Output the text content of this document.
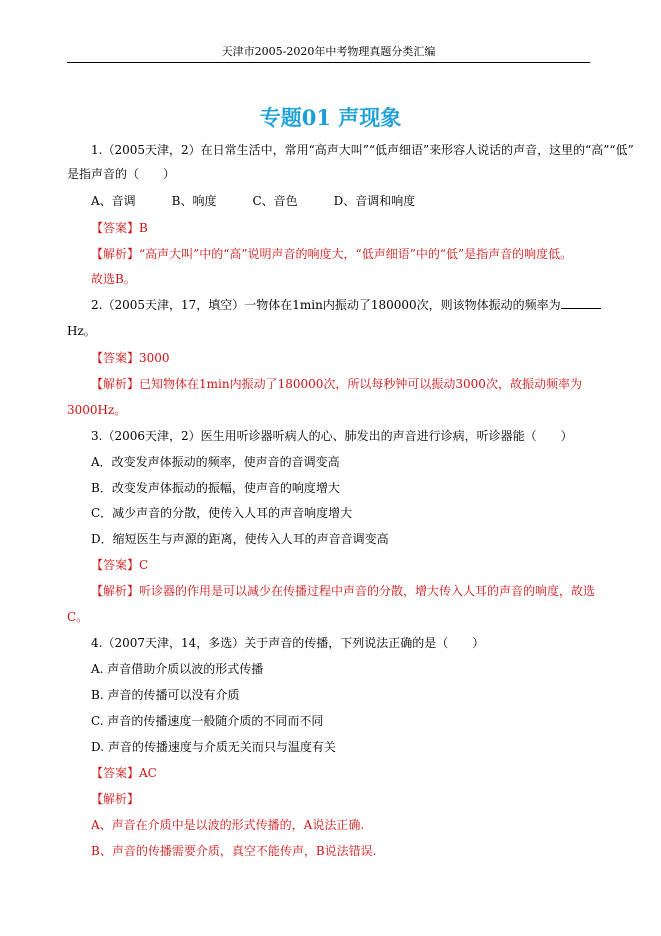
天津市2005-2020年中考物理真题分类汇编
专题01 声现象
1.（2005天津，2）在日常生活中，常用“高声大叫”“低声细语”来形容人说话的声音，这里的“高”“低”
是指声音的（　　）
A、音调　　　B、响度　　　C、音色　　　D、音调和响度
【答案】B
【解析】“高声大叫”中的“高”说明声音的响度大，“低声细语”中的“低”是指声音的响度低。
故选B。
2.（2005天津，17，填空）一物体在1min内振动了180000次，则该物体振动的频率为
Hz。
【答案】3000
【解析】已知物体在1min内振动了180000次，所以每秒钟可以振动3000次，故振动频率为
3000Hz。
3.（2006天津，2）医生用听诊器听病人的心、肺发出的声音进行诊病，听诊器能（　　）
A．改变发声体振动的频率，使声音的音调变高
B．改变发声体振动的振幅，使声音的响度增大
C．减少声音的分散，使传入人耳的声音响度增大
D．缩短医生与声源的距离，使传入人耳的声音音调变高
【答案】C
【解析】听诊器的作用是可以减少在传播过程中声音的分散，增大传入人耳的声音的响度，故选
C。
4.（2007天津，14，多选）关于声音的传播，下列说法正确的是（　　）
A. 声音借助介质以波的形式传播
B. 声音的传播可以没有介质
C. 声音的传播速度一般随介质的不同而不同
D. 声音的传播速度与介质无关而只与温度有关
【答案】AC
【解析】
A、声音在介质中是以波的形式传播的，A说法正确.
B、声音的传播需要介质，真空不能传声，B说法错误.
